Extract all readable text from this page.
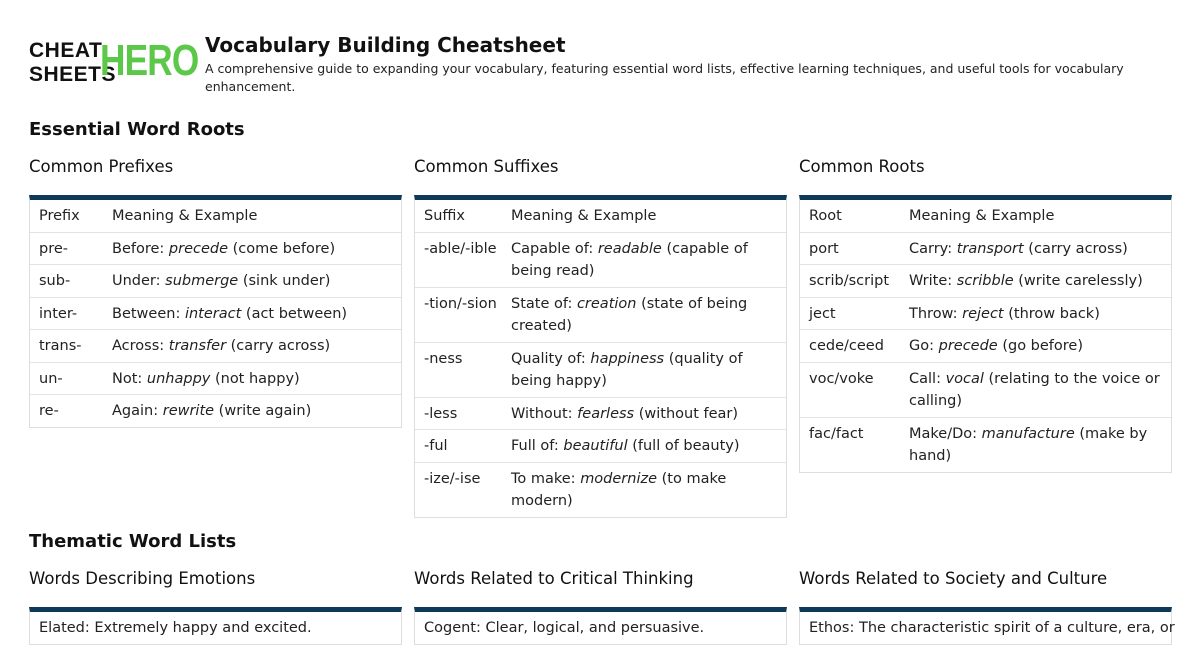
CHEAT
SHEETS
HERO Vocabulary Building Cheatsheet

A comprehensive guide to expanding your vocabulary, featuring essential word lists, effective learning techniques, and useful tools for vocabulary enhancement.

Essential Word Roots
Thematic Word Lists
Common Prefixes
Prefix	Meaning & Example
pre-	Before: precede (come before)
sub-	Under: submerge (sink under)
inter-	Between: interact (act between)
trans-	Across: transfer (carry across)
un-	Not: unhappy (not happy)
re-	Again: rewrite (write again)
Common Suffixes
Suffix	Meaning & Example
-able/-ible Capable of: readable (capable of being read)
-tion/-sion State of: creation (state of being created)
-ness	Quality of: happiness (quality of being happy)
-less	Without: fearless (without fear)
-ful	Full of: beautiful (full of beauty)
-ize/-ise	To make: modernize (to make modern)
Common Roots
Root	Meaning & Example
port	Carry: transport (carry across)
scrib/script	Write: scribble (write carelessly)
ject	Throw: reject (throw back)
cede/ceed	Go: precede (go before)
voc/voke	Call: vocal (relating to the voice or calling)
fac/fact	Make/Do: manufacture (make by hand)
Words Describing Emotions
Elated: Extremely happy and excited.
Words Related to Critical Thinking
Cogent: Clear, logical, and persuasive.
Words Related to Society and Culture
Ethos: The characteristic spirit of a culture, era, or
